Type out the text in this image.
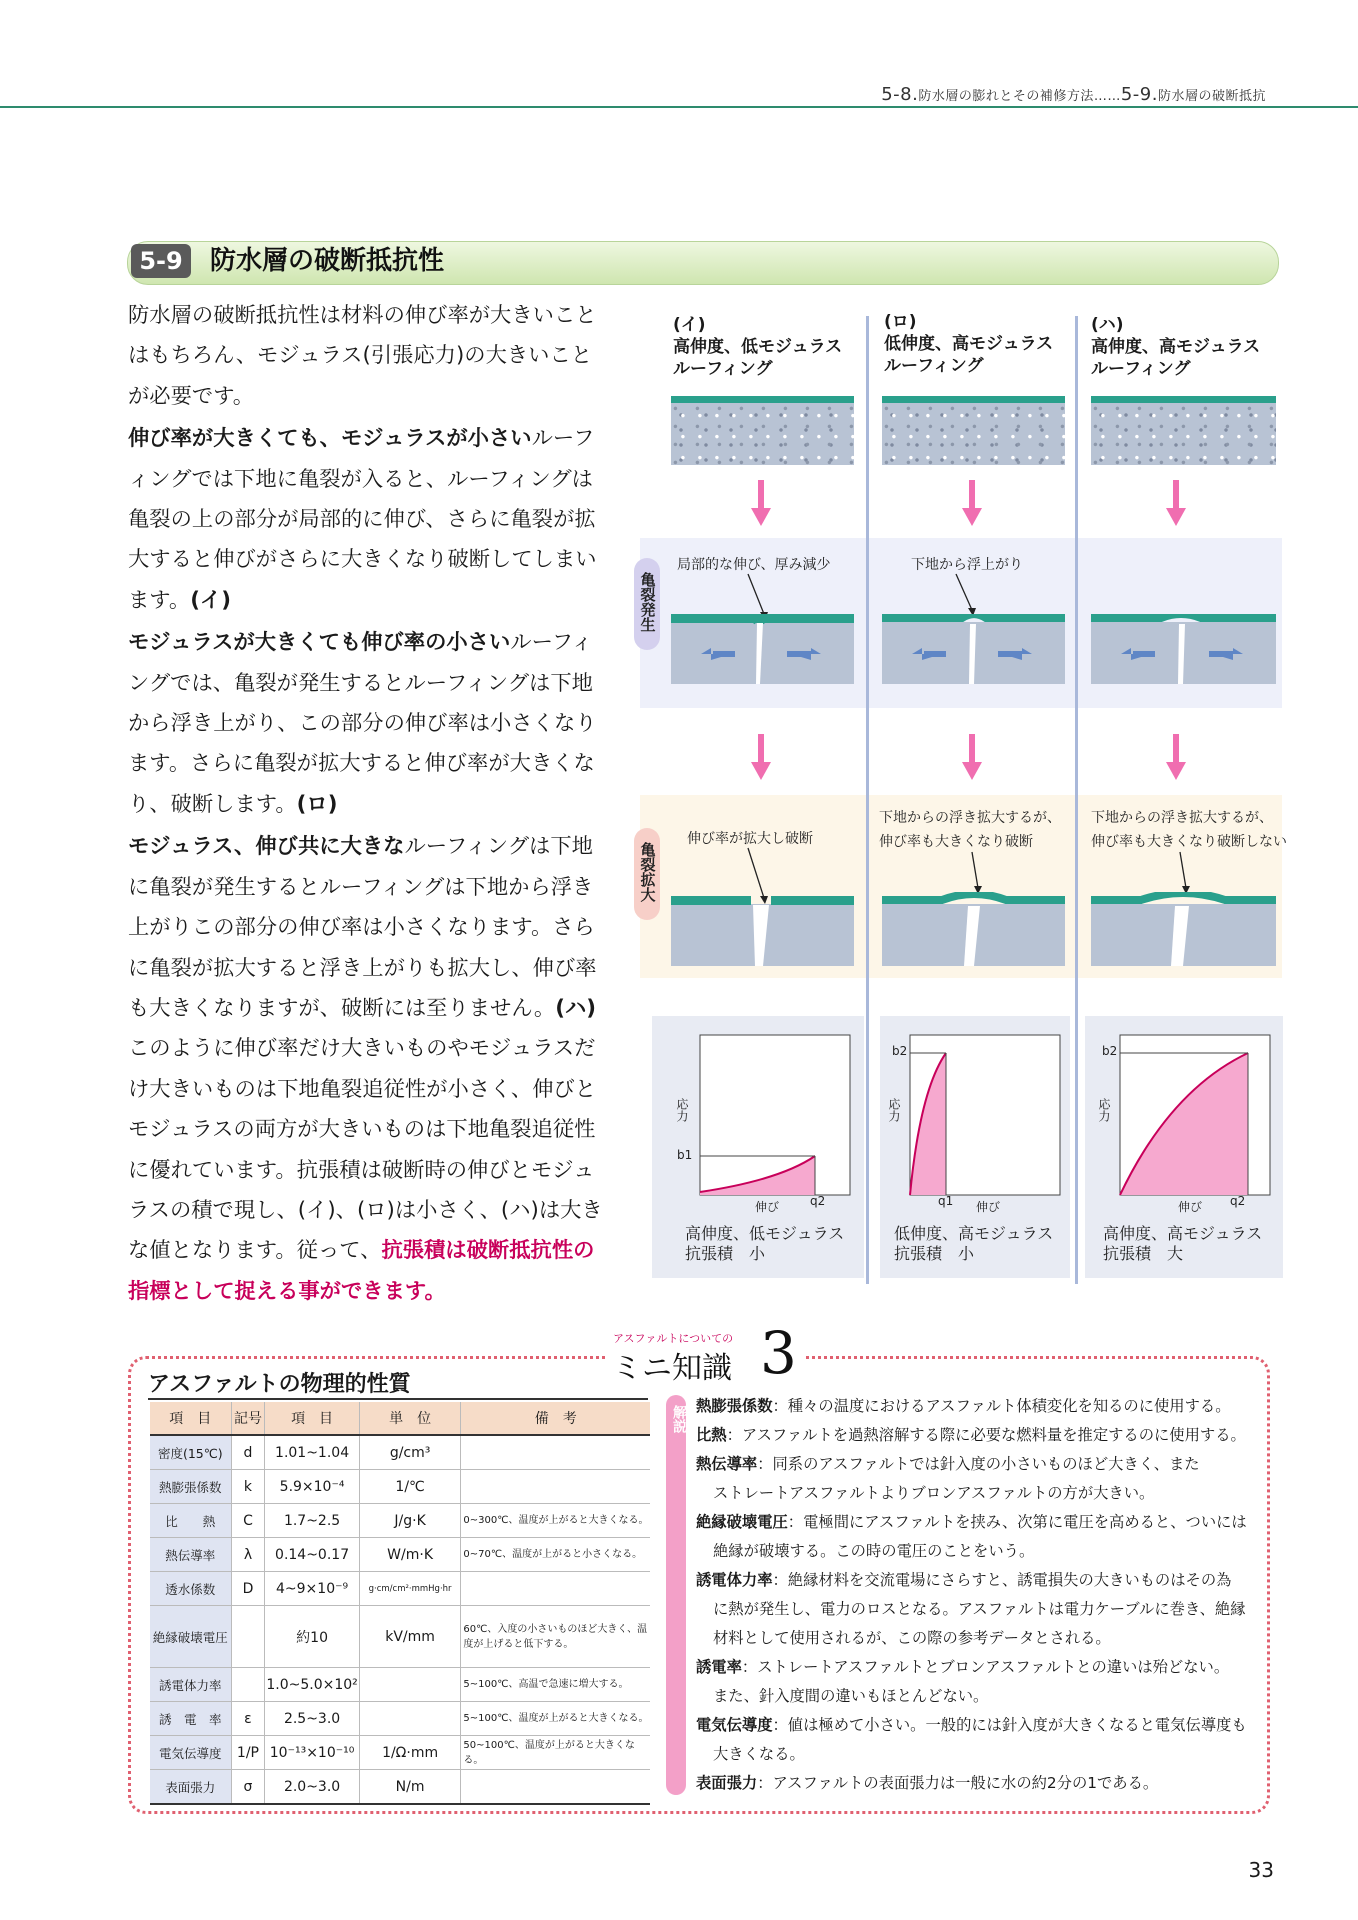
5-8.防水層の膨れとその補修方法……5-9.防水層の破断抵抗
5-9	防水層の破断抵抗性

防水層の破断抵抗性は材料の伸び率が大きいことはもちろん、モジュラス(引張応力)の大きいことが必要です。

伸び率が大きくても、モジュラスが小さいルーフィングでは下地に亀裂が入ると、ルーフィングは亀裂の上の部分が局部的に伸び、さらに亀裂が拡大すると伸びがさらに大きくなり破断してしまいます。(イ)

モジュラスが大きくても伸び率の小さいルーフィングでは、亀裂が発生するとルーフィングは下地から浮き上がり、この部分の伸び率は小さくなります。さらに亀裂が拡大すると伸び率が大きくなり、破断します。(ロ)

モジュラス、伸び共に大きなルーフィングは下地に亀裂が発生するとルーフィングは下地から浮き上がりこの部分の伸び率は小さくなります。さらに亀裂が拡大すると浮き上がりも拡大し、伸び率も大きくなりますが、破断には至りません。(ハ)

このように伸び率だけ大きいものやモジュラスだけ大きいものは下地亀裂追従性が小さく、伸びとモジュラスの両方が大きいものは下地亀裂追従性に優れています。抗張積は破断時の伸びとモジュラスの積で現し、(イ)、(ロ)は小さく、(ハ)は大きな値となります。従って、抗張積は破断抵抗性の指標として捉える事ができます。

亀裂発生
亀裂拡大
(イ)
高伸度、低モジュラス
ルーフィング
局部的な伸び、厚み減少
伸び率が拡大し破断
応力
b1
伸び	q2
高伸度、低モジュラス
抗張積　小
(ロ)
低伸度、高モジュラス
ルーフィング
下地から浮上がり
下地からの浮き拡大するが、
伸び率も大きくなり破断
応力
b2
q1 伸び
低伸度、高モジュラス
抗張積　小
(ハ)
高伸度、高モジュラス
ルーフィング
下地からの浮き拡大するが、
伸び率も大きくなり破断しない
応力
b2
伸び q2
高伸度、高モジュラス
抗張積　大
アスファルトについての
ミニ知識 3
アスファルトの物理的性質
項　目	記号	項　目	単　位	備　考
密度(15℃)	d	1.01~1.04	g/cm³	
熱膨張係数	k	5.9×10⁻⁴	1/℃	
比　　熱	C	1.7~2.5	J/g·K	0~300℃、温度が上がると大きくなる。
熱伝導率	λ	0.14~0.17	W/m·K	0~70℃、温度が上がると小さくなる。
透水係数	D	4~9×10⁻⁹	g·cm/cm²·mmHg·hr	
絶縁破壊電圧		約10	kV/mm	60℃、入度の小さいものほど大きく、温度が上げると低下する。
誘電体力率		1.0~5.0×10²		5~100℃、高温で急速に増大する。
誘　電　率	ε	2.5~3.0		5~100℃、温度が上がると大きくなる。
電気伝導度	1/P	10⁻¹³×10⁻¹⁰	1/Ω·mm	50~100℃、温度が上がると大きくなる。
表面張力	σ	2.0~3.0	N/m	
解説 熱膨張係数：種々の温度におけるアスファルト体積変化を知るのに使用する。
比熱：アスファルトを過熱溶解する際に必要な燃料量を推定するのに使用する。
熱伝導率：同系のアスファルトでは針入度の小さいものほど大きく、また
ストレートアスファルトよりブロンアスファルトの方が大きい。
絶縁破壊電圧：電極間にアスファルトを挟み、次第に電圧を高めると、ついには
絶縁が破壊する。この時の電圧のことをいう。
誘電体力率：絶縁材料を交流電場にさらすと、誘電損失の大きいものはその為
に熱が発生し、電力のロスとなる。アスファルトは電力ケーブルに巻き、絶縁
材料として使用されるが、この際の参考データとされる。
誘電率：ストレートアスファルトとブロンアスファルトとの違いは殆どない。
また、針入度間の違いもほとんどない。
電気伝導度：値は極めて小さい。一般的には針入度が大きくなると電気伝導度も
大きくなる。
表面張力：アスファルトの表面張力は一般に水の約2分の1である。
33
